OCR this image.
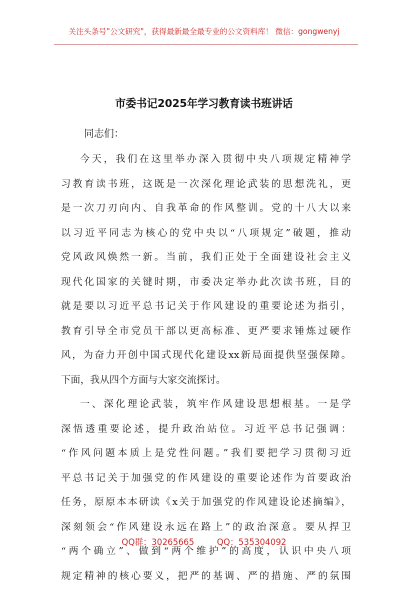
关注头条号"公文研究"，获得最新最全最专业的公文资料库！ 微信：gongwenyj
市委书记2025年学习教育读书班讲话
同志们：
今天，我们在这里举办深入贯彻中央八项规定精神学
习教育读书班，这既是一次深化理论武装的思想洗礼，更
是一次刀刃向内、自我革命的作风整训。党的十八大以来
以习近平同志为核心的党中央以“八项规定”破题，推动
党风政风焕然一新。当前，我们正处于全面建设社会主义
现代化国家的关键时期，市委决定举办此次读书班，目的
就是要以习近平总书记关于作风建设的重要论述为指引，
教育引导全市党员干部以更高标准、更严要求锤炼过硬作
风，为奋力开创中国式现代化建设xx新局面提供坚强保障。
下面，我从四个方面与大家交流探讨。
一、深化理论武装，筑牢作风建设思想根基。一是学
深悟透重要论述，提升政治站位。习近平总书记强调：
“作风问题本质上是党性问题。”我们要把学习贯彻习近
平总书记关于加强党的作风建设的重要论述作为首要政治
任务，原原本本研读《x关于加强党的作风建设论述摘编》，
深刻领会“作风建设永远在路上”的政治深意。要从捍卫
“两个确立”、做到“两个维护”的高度，认识中央八项
规定精神的核心要义，把严的基调、严的措施、严的氛围
QQ群：30265665	QQ：535304092
